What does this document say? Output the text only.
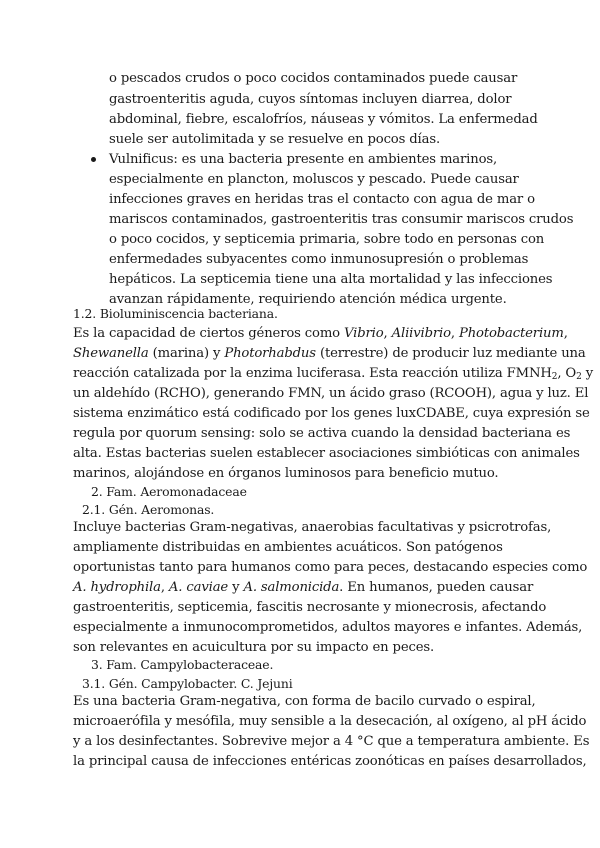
o pescados crudos o poco cocidos contaminados puede causar
gastroenteritis aguda, cuyos síntomas incluyen diarrea, dolor
abdominal, fiebre, escalofríos, náuseas y vómitos. La enfermedad
suele ser autolimitada y se resuelve en pocos días.
Vulnificus: es una bacteria presente en ambientes marinos,
especialmente en plancton, moluscos y pescado. Puede causar
infecciones graves en heridas tras el contacto con agua de mar o
mariscos contaminados, gastroenteritis tras consumir mariscos crudos
o poco cocidos, y septicemia primaria, sobre todo en personas con
enfermedades subyacentes como inmunosupresión o problemas
hepáticos. La septicemia tiene una alta mortalidad y las infecciones
avanzan rápidamente, requiriendo atención médica urgente.
1.2. Bioluminiscencia bacteriana.
Es la capacidad de ciertos géneros como Vibrio, Aliivibrio, Photobacterium,
Shewanella (marina) y Photorhabdus (terrestre) de producir luz mediante una
reacción catalizada por la enzima luciferasa. Esta reacción utiliza $FMNH_2$, $O_2$ y
un aldehído (RCHO), generando FMN, un ácido graso (RCOOH), agua y luz. El
sistema enzimático está codificado por los genes luxCDABE, cuya expresión se
regula por quorum sensing: solo se activa cuando la densidad bacteriana es
alta. Estas bacterias suelen establecer asociaciones simbióticas con animales
marinos, alojándose en órganos luminosos para beneficio mutuo.
2. Fam. Aeromonadaceae
2.1. Gén. Aeromonas.
Incluye bacterias Gram-negativas, anaerobias facultativas y psicrotrofas,
ampliamente distribuidas en ambientes acuáticos. Son patógenos
oportunistas tanto para humanos como para peces, destacando especies como
A. hydrophila, A. caviae y A. salmonicida. En humanos, pueden causar
gastroenteritis, septicemia, fascitis necrosante y mionecrosis, afectando
especialmente a inmunocomprometidos, adultos mayores e infantes. Además,
son relevantes en acuicultura por su impacto en peces.
3. Fam. Campylobacteraceae.
3.1. Gén. Campylobacter. C. Jejuni
Es una bacteria Gram-negativa, con forma de bacilo curvado o espiral,
microaerófila y mesófila, muy sensible a la desecación, al oxígeno, al pH ácido
y a los desinfectantes. Sobrevive mejor a 4 °C que a temperatura ambiente. Es
la principal causa de infecciones entéricas zoonóticas en países desarrollados,
